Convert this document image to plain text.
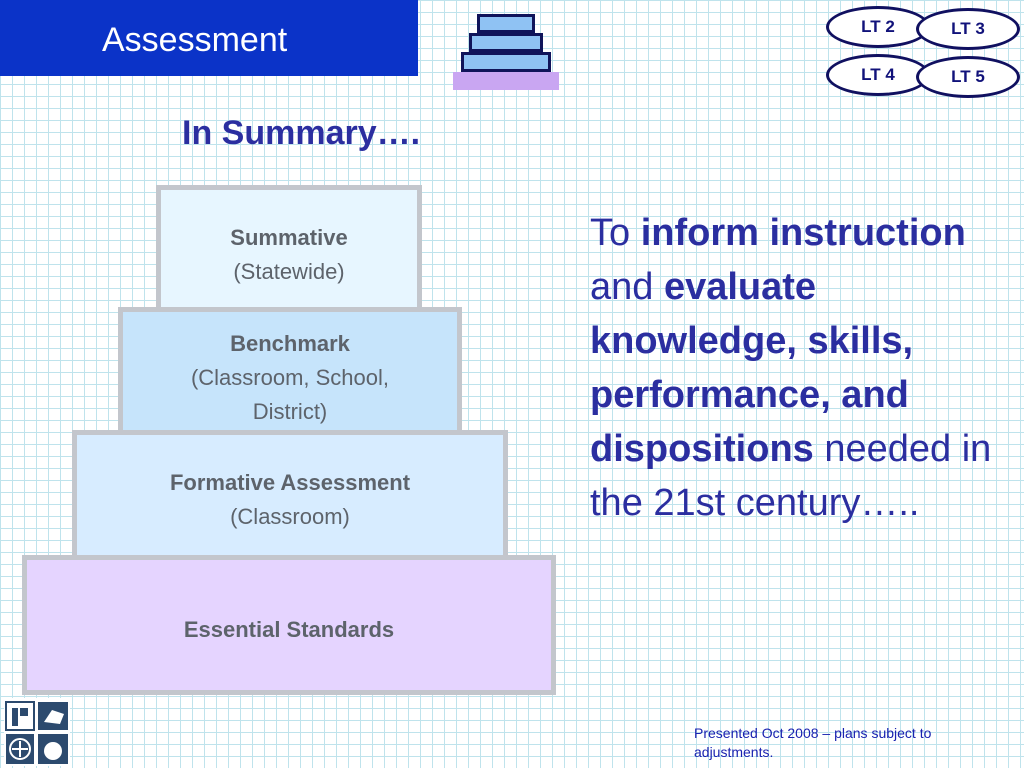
Assessment	LT 2	LT 3
LT 4	LT 5
In Summary….
Summative
(Statewide)
Benchmark
(Classroom, School, District)
Formative Assessment
(Classroom)
Essential Standards
To inform instruction
and evaluate knowledge, skills, performance, and dispositions needed in the 21st century…..
Presented Oct 2008 – plans subject to adjustments.
